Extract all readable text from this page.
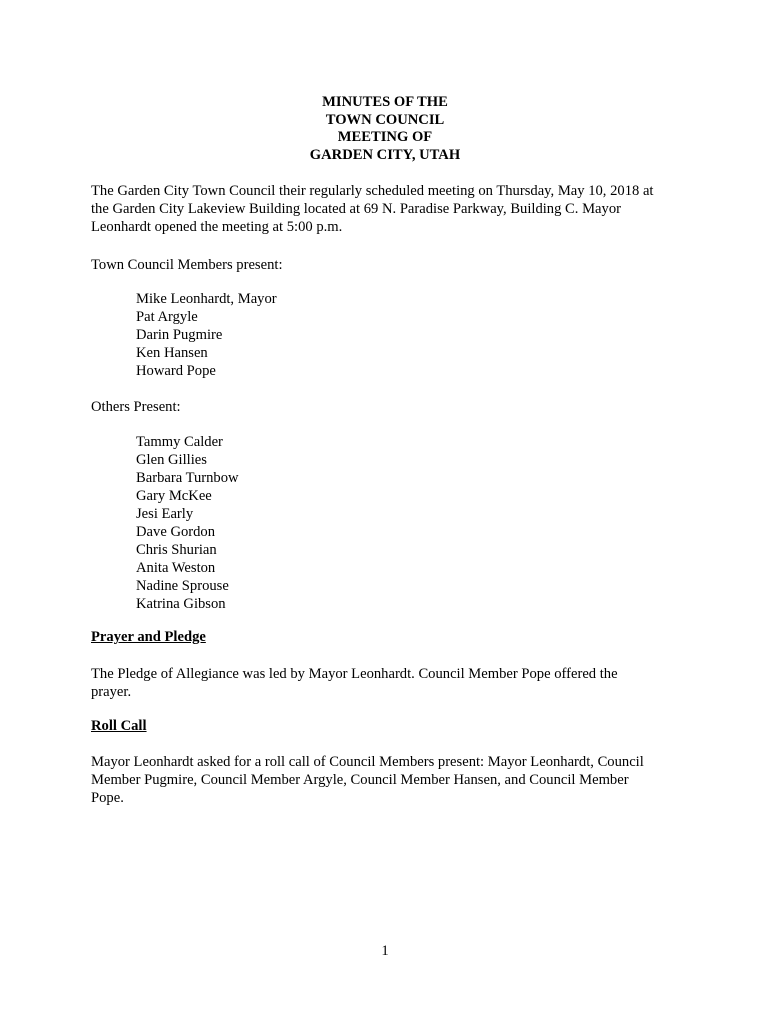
MINUTES OF THE
TOWN COUNCIL
MEETING OF
GARDEN CITY, UTAH
The Garden City Town Council their regularly scheduled meeting on Thursday, May 10, 2018 at
the Garden City Lakeview Building located at 69 N. Paradise Parkway, Building C. Mayor
Leonhardt opened the meeting at 5:00 p.m.
Town Council Members present:
Mike Leonhardt, Mayor
Pat Argyle
Darin Pugmire
Ken Hansen
Howard Pope
Others Present:
Tammy Calder
Glen Gillies
Barbara Turnbow
Gary McKee
Jesi Early
Dave Gordon
Chris Shurian
Anita Weston
Nadine Sprouse
Katrina Gibson
Prayer and Pledge
The Pledge of Allegiance was led by Mayor Leonhardt. Council Member Pope offered the
prayer.
Roll Call
Mayor Leonhardt asked for a roll call of Council Members present: Mayor Leonhardt, Council
Member Pugmire, Council Member Argyle, Council Member Hansen, and Council Member
Pope.
1
